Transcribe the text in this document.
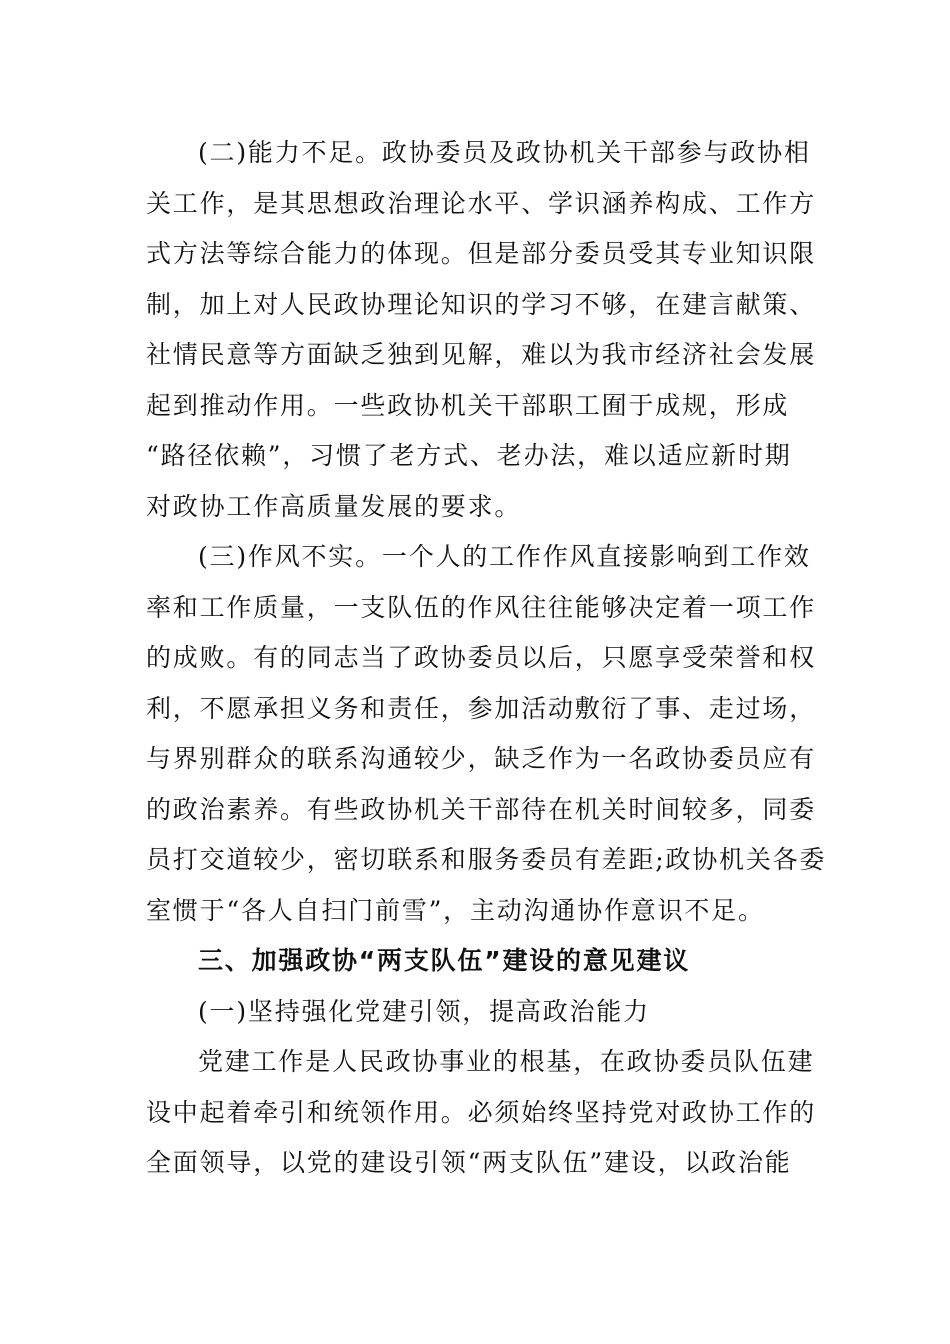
(二)能力不足。政协委员及政协机关干部参与政协相
关工作，是其思想政治理论水平、学识涵养构成、工作方
式方法等综合能力的体现。但是部分委员受其专业知识限
制，加上对人民政协理论知识的学习不够，在建言献策、
社情民意等方面缺乏独到见解，难以为我市经济社会发展
起到推动作用。一些政协机关干部职工囿于成规，形成
“路径依赖”，习惯了老方式、老办法，难以适应新时期
对政协工作高质量发展的要求。
(三)作风不实。一个人的工作作风直接影响到工作效
率和工作质量，一支队伍的作风往往能够决定着一项工作
的成败。有的同志当了政协委员以后，只愿享受荣誉和权
利，不愿承担义务和责任，参加活动敷衍了事、走过场，
与界别群众的联系沟通较少，缺乏作为一名政协委员应有
的政治素养。有些政协机关干部待在机关时间较多，同委
员打交道较少，密切联系和服务委员有差距;政协机关各委
室惯于“各人自扫门前雪”，主动沟通协作意识不足。
三、加强政协“两支队伍”建设的意见建议
(一)坚持强化党建引领，提高政治能力
党建工作是人民政协事业的根基，在政协委员队伍建
设中起着牵引和统领作用。必须始终坚持党对政协工作的
全面领导，以党的建设引领“两支队伍”建设，以政治能
